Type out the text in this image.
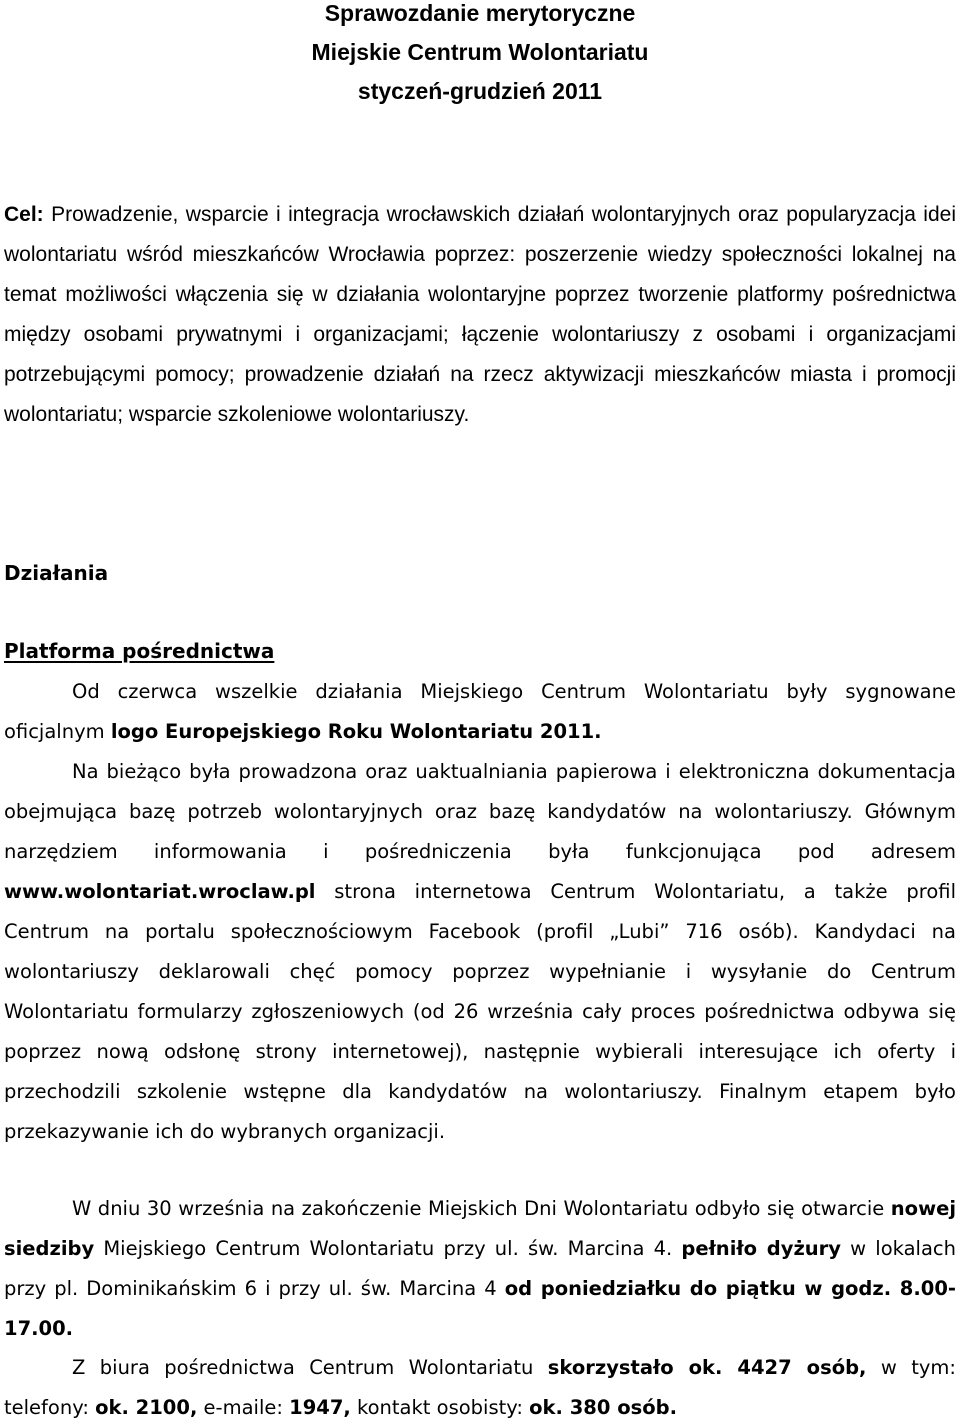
Sprawozdanie merytoryczne
Miejskie Centrum Wolontariatu
styczeń-grudzień 2011
Cel: Prowadzenie, wsparcie i integracja wrocławskich działań wolontaryjnych oraz popularyzacja idei wolontariatu wśród mieszkańców Wrocławia poprzez: poszerzenie wiedzy społeczności lokalnej na temat możliwości włączenia się w działania wolontaryjne poprzez tworzenie platformy pośrednictwa między osobami prywatnymi i organizacjami; łączenie wolontariuszy z osobami i organizacjami potrzebującymi pomocy; prowadzenie działań na rzecz aktywizacji mieszkańców miasta i promocji wolontariatu; wsparcie szkoleniowe wolontariuszy.
Działania
Platforma pośrednictwa
Od czerwca wszelkie działania Miejskiego Centrum Wolontariatu były sygnowane oficjalnym logo Europejskiego Roku Wolontariatu 2011.
Na bieżąco była prowadzona oraz uaktualniania papierowa i elektroniczna dokumentacja obejmująca bazę potrzeb wolontaryjnych oraz bazę kandydatów na wolontariuszy. Głównym narzędziem informowania i pośredniczenia była funkcjonująca pod adresem www.wolontariat.wroclaw.pl strona internetowa Centrum Wolontariatu, a także profil Centrum na portalu społecznościowym Facebook (profil „Lubi” 716 osób). Kandydaci na wolontariuszy deklarowali chęć pomocy poprzez wypełnianie i wysyłanie do Centrum Wolontariatu formularzy zgłoszeniowych (od 26 września cały proces pośrednictwa odbywa się poprzez nową odsłonę strony internetowej), następnie wybierali interesujące ich oferty i przechodzili szkolenie wstępne dla kandydatów na wolontariuszy. Finalnym etapem było przekazywanie ich do wybranych organizacji.
W dniu 30 września na zakończenie Miejskich Dni Wolontariatu odbyło się otwarcie nowej siedziby Miejskiego Centrum Wolontariatu przy ul. św. Marcina 4. pełniło dyżury w lokalach przy pl. Dominikańskim 6 i przy ul. św. Marcina 4 od poniedziałku do piątku w godz. 8.00-17.00.
Z biura pośrednictwa Centrum Wolontariatu skorzystało ok. 4427 osób, w tym: telefony: ok. 2100, e-maile: 1947, kontakt osobisty: ok. 380 osób.
